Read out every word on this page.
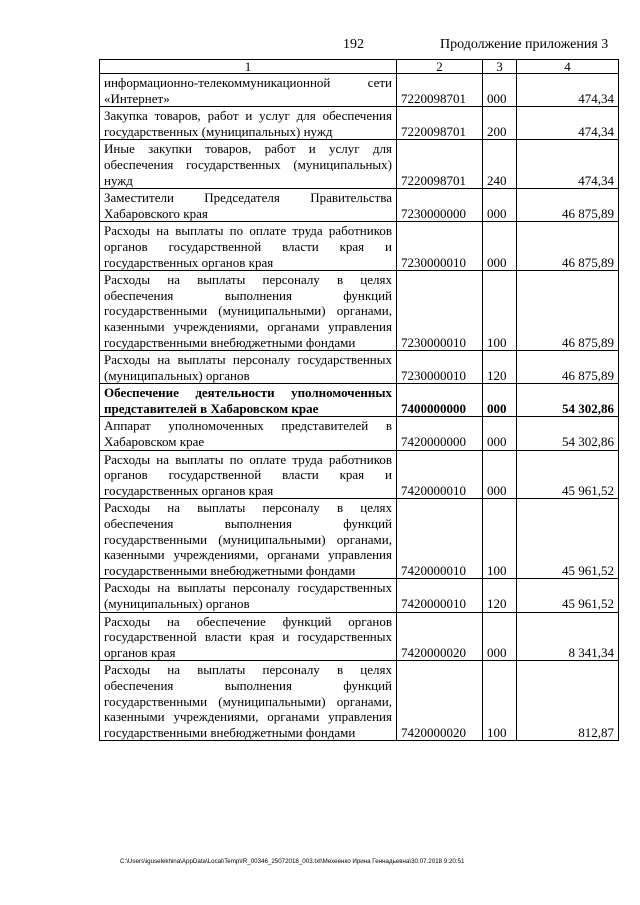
192	Продолжение приложения 3
1	2	3	4
информационно-телекоммуникационной сети «Интернет»	7220098701	000	474,34
Закупка товаров, работ и услуг для обеспечения государственных (муниципальных) нужд	7220098701	200	474,34
Иные закупки товаров, работ и услуг для обеспечения государственных (муниципальных) нужд	7220098701	240	474,34
Заместители Председателя Правительства Хабаровского края	7230000000	000	46 875,89
Расходы на выплаты по оплате труда работников органов государственной власти края и государственных органов края	7230000010	000	46 875,89
Расходы на выплаты персоналу в целях обеспечения выполнения функций государственными (муниципальными) органами, казенными учреждениями, органами управления государственными внебюджетными фондами	7230000010	100	46 875,89
Расходы на выплаты персоналу государственных (муниципальных) органов	7230000010	120	46 875,89
Обеспечение деятельности уполномоченных представителей в Хабаровском крае	7400000000	000	54 302,86
Аппарат уполномоченных представителей в Хабаровском крае	7420000000	000	54 302,86
Расходы на выплаты по оплате труда работников органов государственной власти края и государственных органов края	7420000010	000	45 961,52
Расходы на выплаты персоналу в целях обеспечения выполнения функций государственными (муниципальными) органами, казенными учреждениями, органами управления государственными внебюджетными фондами	7420000010	100	45 961,52
Расходы на выплаты персоналу государственных (муниципальных) органов	7420000010	120	45 961,52
Расходы на обеспечение функций органов государственной власти края и государственных органов края	7420000020	000	8 341,34
Расходы на выплаты персоналу в целях обеспечения выполнения функций государственными (муниципальными) органами, казенными учреждениями, органами управления государственными внебюджетными фондами	7420000020	100	812,87
C:\Users\iguselekhina\AppData\Local\Temp\IR_00346_25072018_003.txt\Мехеенко Ирина Геннадьевна\30.07.2018 9:20:51
